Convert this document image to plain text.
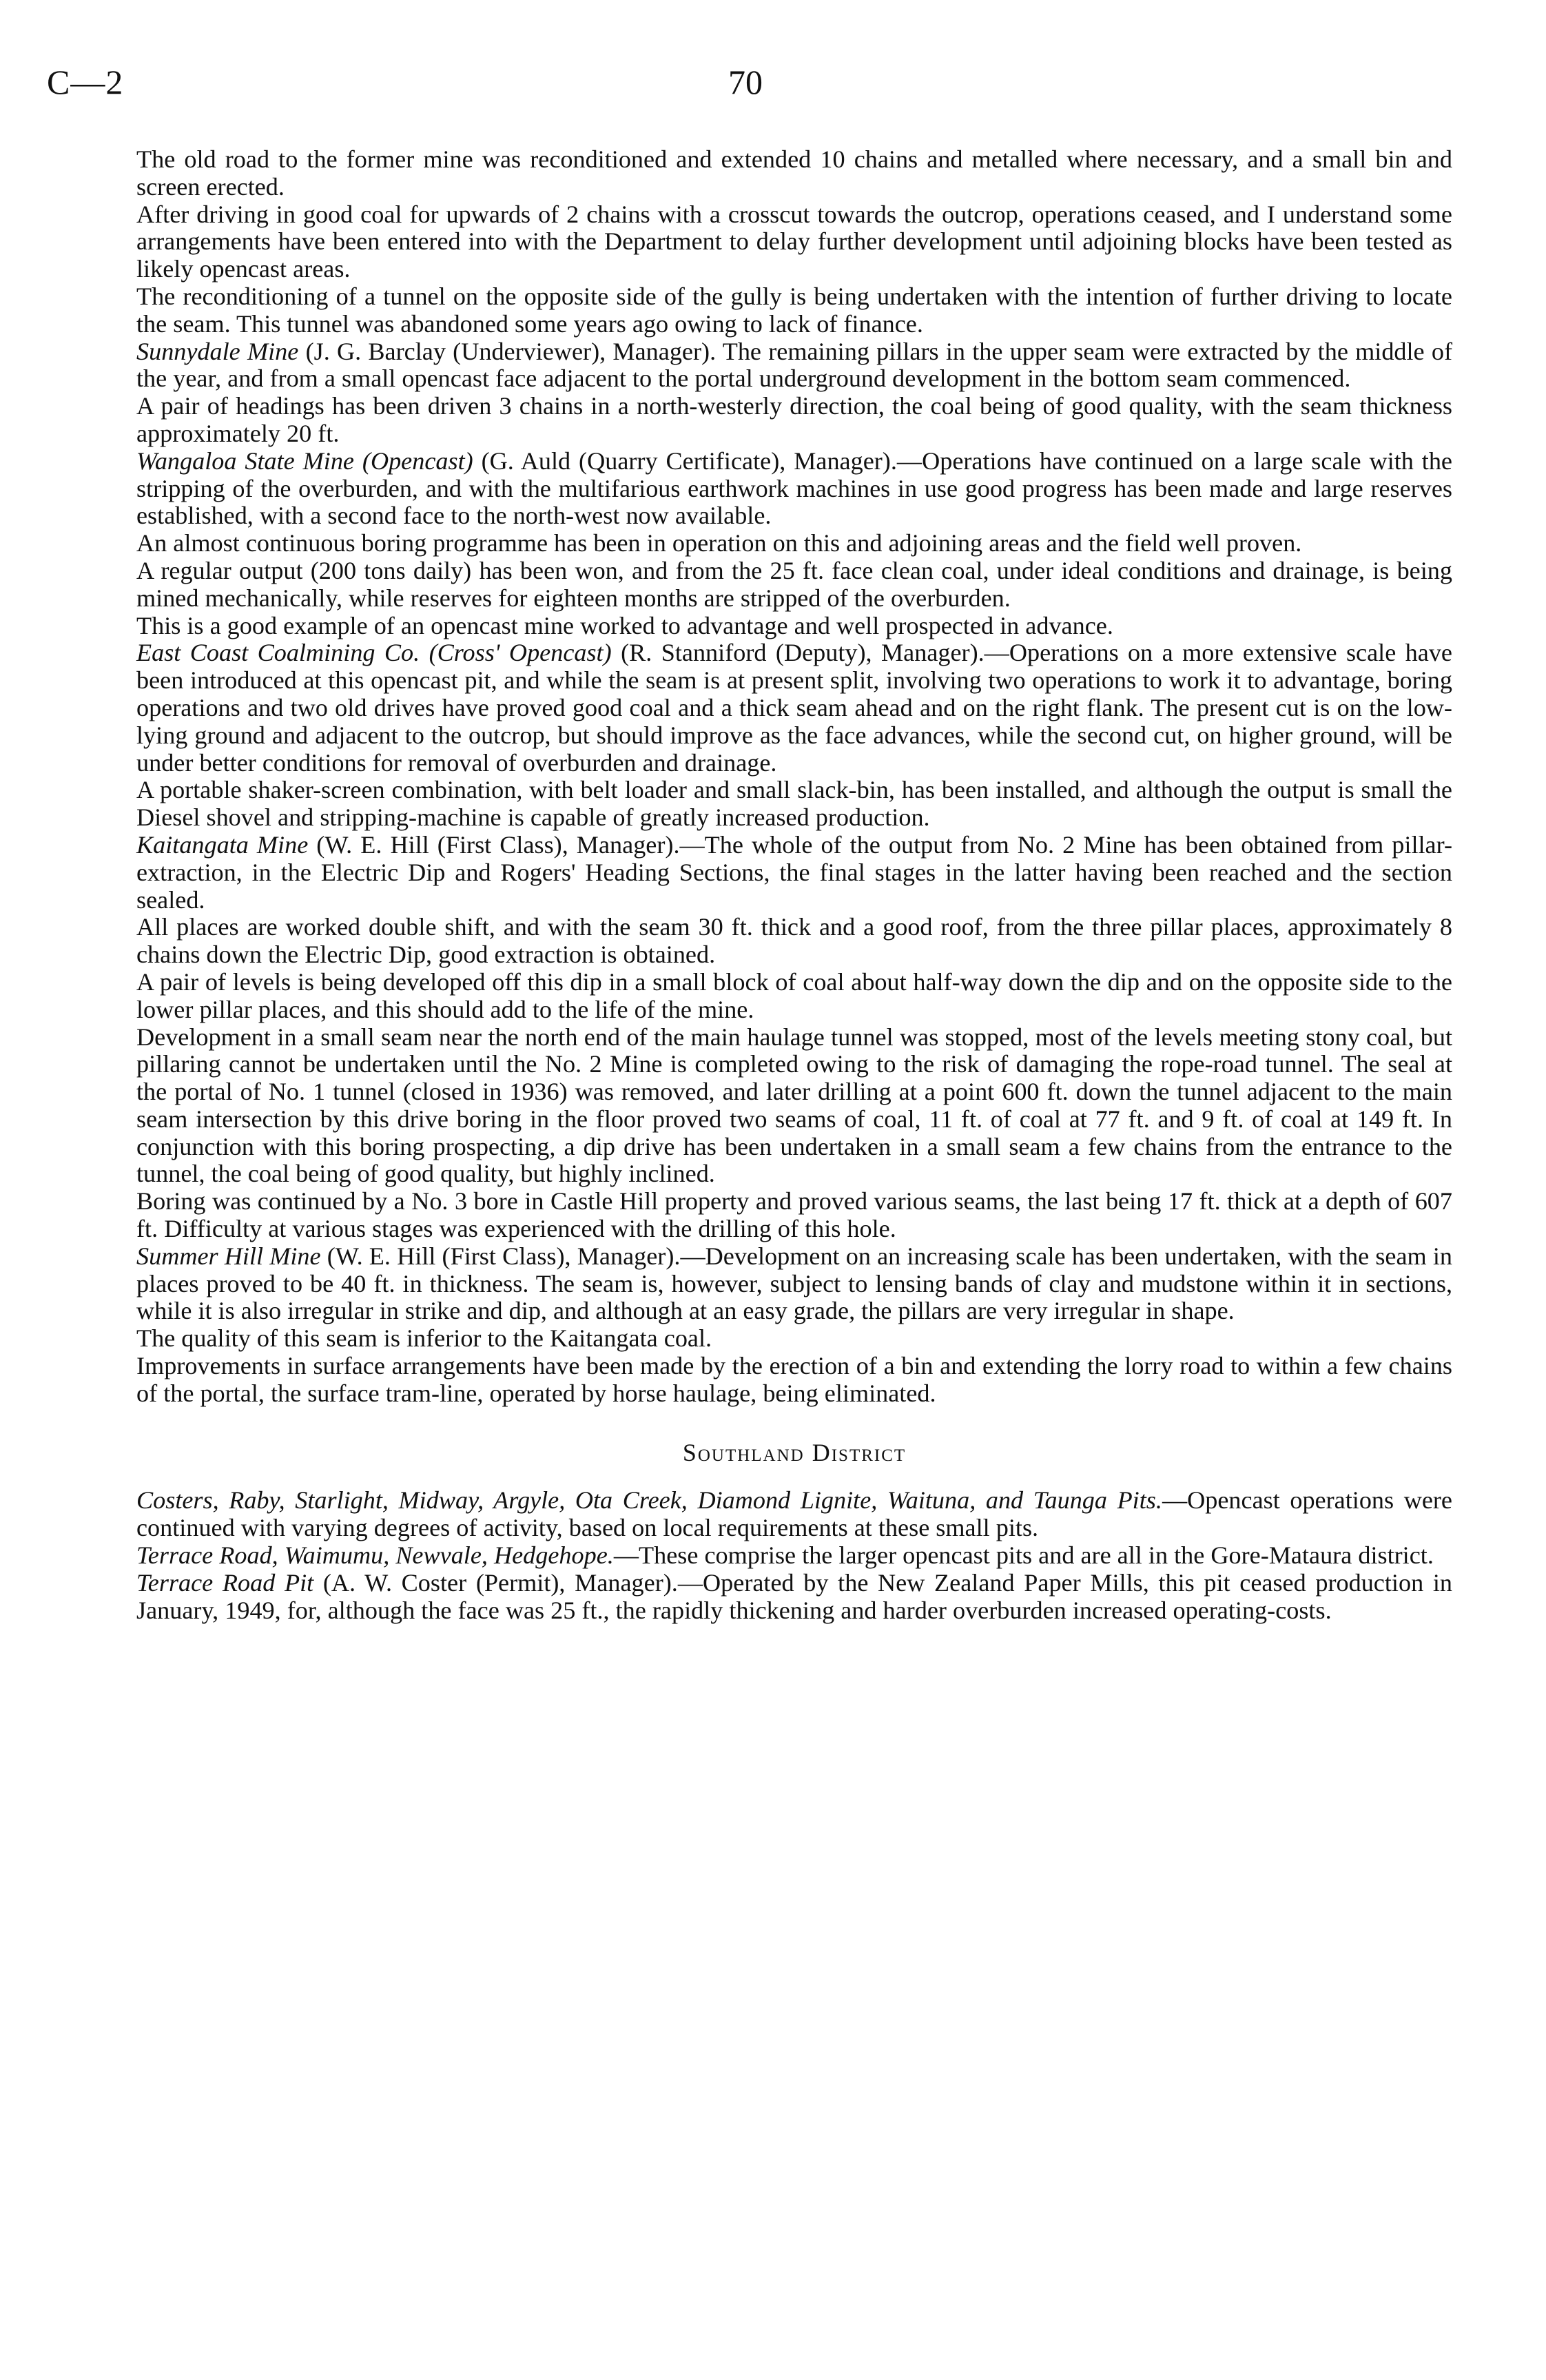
C—2	70

The old road to the former mine was reconditioned and extended 10 chains and metalled where necessary, and a small bin and screen erected.

After driving in good coal for upwards of 2 chains with a crosscut towards the outcrop, operations ceased, and I understand some arrangements have been entered into with the Department to delay further development until adjoining blocks have been tested as likely opencast areas.

The reconditioning of a tunnel on the opposite side of the gully is being undertaken with the intention of further driving to locate the seam. This tunnel was abandoned some years ago owing to lack of finance.

Sunnydale Mine (J. G. Barclay (Underviewer), Manager). The remaining pillars in the upper seam were extracted by the middle of the year, and from a small opencast face adjacent to the portal underground development in the bottom seam commenced.

A pair of headings has been driven 3 chains in a north-westerly direction, the coal being of good quality, with the seam thickness approximately 20 ft.

Wangaloa State Mine (Opencast) (G. Auld (Quarry Certificate), Manager).—Operations have continued on a large scale with the stripping of the overburden, and with the multifarious earthwork machines in use good progress has been made and large reserves established, with a second face to the north-west now available.

An almost continuous boring programme has been in operation on this and adjoining areas and the field well proven.

A regular output (200 tons daily) has been won, and from the 25 ft. face clean coal, under ideal conditions and drainage, is being mined mechanically, while reserves for eighteen months are stripped of the overburden.

This is a good example of an opencast mine worked to advantage and well prospected in advance.

East Coast Coalmining Co. (Cross' Opencast) (R. Stanniford (Deputy), Manager).—Operations on a more extensive scale have been introduced at this opencast pit, and while the seam is at present split, involving two operations to work it to advantage, boring operations and two old drives have proved good coal and a thick seam ahead and on the right flank. The present cut is on the low-lying ground and adjacent to the outcrop, but should improve as the face advances, while the second cut, on higher ground, will be under better conditions for removal of overburden and drainage.

A portable shaker-screen combination, with belt loader and small slack-bin, has been installed, and although the output is small the Diesel shovel and stripping-machine is capable of greatly increased production.

Kaitangata Mine (W. E. Hill (First Class), Manager).—The whole of the output from No. 2 Mine has been obtained from pillar-extraction, in the Electric Dip and Rogers' Heading Sections, the final stages in the latter having been reached and the section sealed.

All places are worked double shift, and with the seam 30 ft. thick and a good roof, from the three pillar places, approximately 8 chains down the Electric Dip, good extraction is obtained.

A pair of levels is being developed off this dip in a small block of coal about half-way down the dip and on the opposite side to the lower pillar places, and this should add to the life of the mine.

Development in a small seam near the north end of the main haulage tunnel was stopped, most of the levels meeting stony coal, but pillaring cannot be undertaken until the No. 2 Mine is completed owing to the risk of damaging the rope-road tunnel. The seal at the portal of No. 1 tunnel (closed in 1936) was removed, and later drilling at a point 600 ft. down the tunnel adjacent to the main seam intersection by this drive boring in the floor proved two seams of coal, 11 ft. of coal at 77 ft. and 9 ft. of coal at 149 ft. In conjunction with this boring prospecting, a dip drive has been undertaken in a small seam a few chains from the entrance to the tunnel, the coal being of good quality, but highly inclined.

Boring was continued by a No. 3 bore in Castle Hill property and proved various seams, the last being 17 ft. thick at a depth of 607 ft. Difficulty at various stages was experienced with the drilling of this hole.

Summer Hill Mine (W. E. Hill (First Class), Manager).—Development on an increasing scale has been undertaken, with the seam in places proved to be 40 ft. in thickness. The seam is, however, subject to lensing bands of clay and mudstone within it in sections, while it is also irregular in strike and dip, and although at an easy grade, the pillars are very irregular in shape.

The quality of this seam is inferior to the Kaitangata coal.

Improvements in surface arrangements have been made by the erection of a bin and extending the lorry road to within a few chains of the portal, the surface tram-line, operated by horse haulage, being eliminated.

Southland District

Costers, Raby, Starlight, Midway, Argyle, Ota Creek, Diamond Lignite, Waituna, and Taunga Pits.—Opencast operations were continued with varying degrees of activity, based on local requirements at these small pits.

Terrace Road, Waimumu, Newvale, Hedgehope.—These comprise the larger opencast pits and are all in the Gore-Mataura district.

Terrace Road Pit (A. W. Coster (Permit), Manager).—Operated by the New Zealand Paper Mills, this pit ceased production in January, 1949, for, although the face was 25 ft., the rapidly thickening and harder overburden increased operating-costs.
